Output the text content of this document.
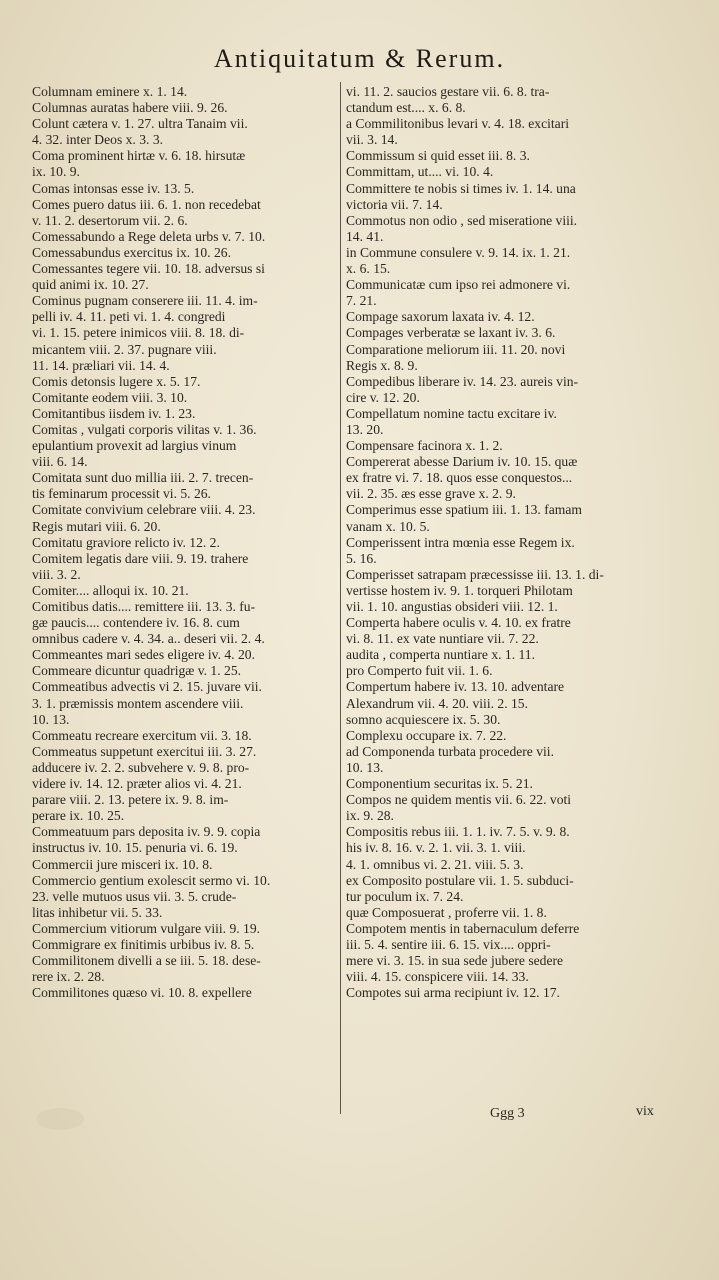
Antiquitatum & Rerum.
Columnam eminere x. 1. 14.
Columnas auratas habere viii. 9. 26.
Colunt cætera v. 1. 27. ultra Tanaim vii.
4. 32. inter Deos x. 3. 3.
Coma prominent hirtæ v. 6. 18. hirsutæ
ix. 10. 9.
Comas intonsas esse iv. 13. 5.
Comes puero datus iii. 6. 1. non recedebat
v. 11. 2. desertorum vii. 2. 6.
Comessabundo a Rege deleta urbs v. 7. 10.
Comessabundus exercitus ix. 10. 26.
Comessantes tegere vii. 10. 18. adversus si
quid animi ix. 10. 27.
Cominus pugnam conserere iii. 11. 4. im-
pelli iv. 4. 11. peti vi. 1. 4. congredi
vi. 1. 15. petere inimicos viii. 8. 18. di-
micantem viii. 2. 37. pugnare viii.
11. 14. præliari vii. 14. 4.
Comis detonsis lugere x. 5. 17.
Comitante eodem viii. 3. 10.
Comitantibus iisdem iv. 1. 23.
Comitas , vulgati corporis vilitas v. 1. 36.
epulantium provexit ad largius vinum
viii. 6. 14.
Comitata sunt duo millia iii. 2. 7. trecen-
tis feminarum processit vi. 5. 26.
Comitate convivium celebrare viii. 4. 23.
Regis mutari viii. 6. 20.
Comitatu graviore relicto iv. 12. 2.
Comitem legatis dare viii. 9. 19. trahere
viii. 3. 2.
Comiter.... alloqui ix. 10. 21.
Comitibus datis.... remittere iii. 13. 3. fu-
gæ paucis.... contendere iv. 16. 8. cum
omnibus cadere v. 4. 34. a.. deseri vii. 2. 4.
Commeantes mari sedes eligere iv. 4. 20.
Commeare dicuntur quadrigæ v. 1. 25.
Commeatibus advectis vi 2. 15. juvare vii.
3. 1. præmissis montem ascendere viii.
10. 13.
Commeatu recreare exercitum vii. 3. 18.
Commeatus suppetunt exercitui iii. 3. 27.
adducere iv. 2. 2. subvehere v. 9. 8. pro-
videre iv. 14. 12. præter alios vi. 4. 21.
parare viii. 2. 13. petere ix. 9. 8. im-
perare ix. 10. 25.
Commeatuum pars deposita iv. 9. 9. copia
instructus iv. 10. 15. penuria vi. 6. 19.
Commercii jure misceri ix. 10. 8.
Commercio gentium exolescit sermo vi. 10.
23. velle mutuos usus vii. 3. 5. crude-
litas inhibetur vii. 5. 33.
Commercium vitiorum vulgare viii. 9. 19.
Commigrare ex finitimis urbibus iv. 8. 5.
Commilitonem divelli a se iii. 5. 18. dese-
rere ix. 2. 28.
Commilitones quæso vi. 10. 8. expellere
vi. 11. 2. saucios gestare vii. 6. 8. tra-
ctandum est.... x. 6. 8.
a Commilitonibus levari v. 4. 18. excitari
vii. 3. 14.
Commissum si quid esset iii. 8. 3.
Committam, ut.... vi. 10. 4.
Committere te nobis si times iv. 1. 14. una
victoria vii. 7. 14.
Commotus non odio , sed miseratione viii.
14. 41.
in Commune consulere v. 9. 14. ix. 1. 21.
x. 6. 15.
Communicatæ cum ipso rei admonere vi.
7. 21.
Compage saxorum laxata iv. 4. 12.
Compages verberatæ se laxant iv. 3. 6.
Comparatione meliorum iii. 11. 20. novi
Regis x. 8. 9.
Compedibus liberare iv. 14. 23. aureis vin-
cire v. 12. 20.
Compellatum nomine tactu excitare iv.
13. 20.
Compensare facinora x. 1. 2.
Compererat abesse Darium iv. 10. 15. quæ
ex fratre vi. 7. 18. quos esse conquestos...
vii. 2. 35. æs esse grave x. 2. 9.
Comperimus esse spatium iii. 1. 13. famam
vanam x. 10. 5.
Comperissent intra mœnia esse Regem ix.
5. 16.
Comperisset satrapam præcessisse iii. 13. 1. di-
vertisse hostem iv. 9. 1. torqueri Philotam
vii. 1. 10. angustias obsideri viii. 12. 1.
Comperta habere oculis v. 4. 10. ex fratre
vi. 8. 11. ex vate nuntiare vii. 7. 22.
audita , comperta nuntiare x. 1. 11.
pro Comperto fuit vii. 1. 6.
Compertum habere iv. 13. 10. adventare
Alexandrum vii. 4. 20. viii. 2. 15.
somno acquiescere ix. 5. 30.
Complexu occupare ix. 7. 22.
ad Componenda turbata procedere vii.
10. 13.
Componentium securitas ix. 5. 21.
Compos ne quidem mentis vii. 6. 22. voti
ix. 9. 28.
Compositis rebus iii. 1. 1. iv. 7. 5. v. 9. 8.
his iv. 8. 16. v. 2. 1. vii. 3. 1. viii.
4. 1. omnibus vi. 2. 21. viii. 5. 3.
ex Composito postulare vii. 1. 5. subduci-
tur poculum ix. 7. 24.
quæ Composuerat , proferre vii. 1. 8.
Compotem mentis in tabernaculum deferre
iii. 5. 4. sentire iii. 6. 15. vix.... oppri-
mere vi. 3. 15. in sua sede jubere sedere
viii. 4. 15. conspicere viii. 14. 33.
Compotes sui arma recipiunt iv. 12. 17.
Ggg 3	vix
